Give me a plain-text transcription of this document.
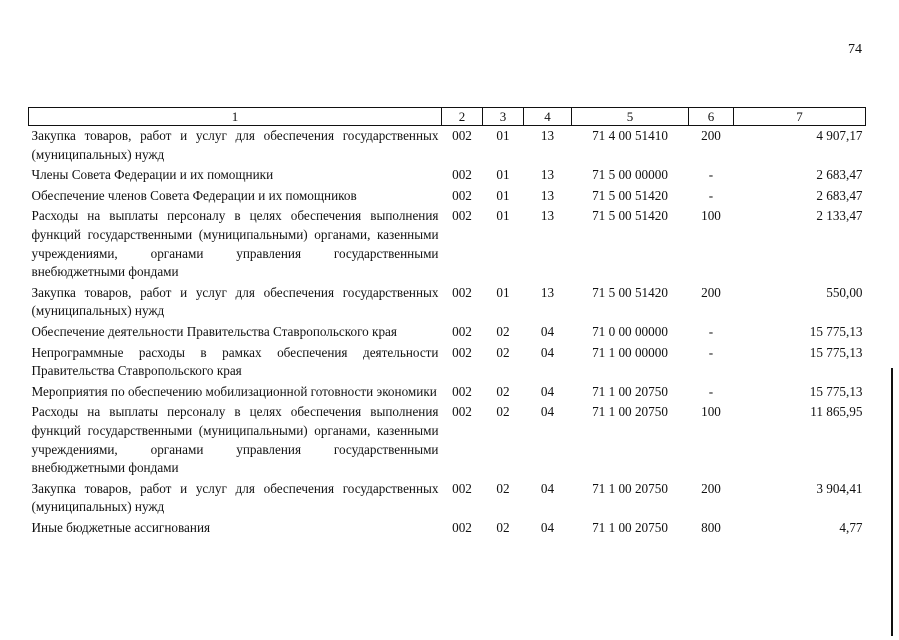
74
1	2	3	4	5	6	7
Закупка товаров, работ и услуг для обеспечения государственных (муниципальных) нужд	002	01	13	71 4 00 51410	200	4 907,17
Члены Совета Федерации и их помощники	002	01	13	71 5 00 00000	-	2 683,47
Обеспечение членов Совета Федерации и их помощников	002	01	13	71 5 00 51420	-	2 683,47
Расходы на выплаты персоналу в целях обеспечения выполнения функций государственными (муниципальными) органами, казенными учреждениями, органами управления государственными внебюджетными фондами	002	01	13	71 5 00 51420	100	2 133,47
Закупка товаров, работ и услуг для обеспечения государственных (муниципальных) нужд	002	01	13	71 5 00 51420	200	550,00
Обеспечение деятельности Правительства Ставропольского края	002	02	04	71 0 00 00000	-	15 775,13
Непрограммные расходы в рамках обеспечения деятельности Правительства Ставропольского края	002	02	04	71 1 00 00000	-	15 775,13
Мероприятия по обеспечению мобилизационной готовности экономики	002	02	04	71 1 00 20750	-	15 775,13
Расходы на выплаты персоналу в целях обеспечения выполнения функций государственными (муниципальными) органами, казенными учреждениями, органами управления государственными внебюджетными фондами	002	02	04	71 1 00 20750	100	11 865,95
Закупка товаров, работ и услуг для обеспечения государственных (муниципальных) нужд	002	02	04	71 1 00 20750	200	3 904,41
Иные бюджетные ассигнования	002	02	04	71 1 00 20750	800	4,77
